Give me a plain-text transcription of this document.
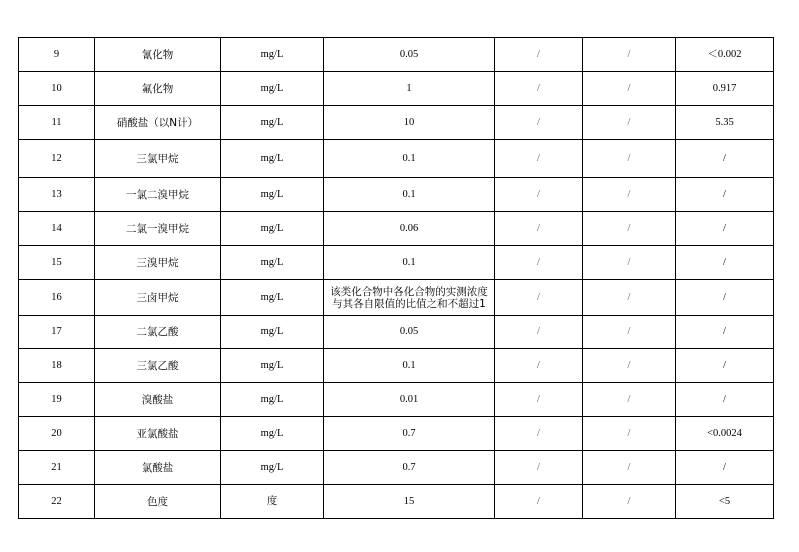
9	氰化物	mg/L	0.05	/	/	＜0.002
10	氟化物	mg/L	1	/	/	0.917
11	硝酸盐（以N计）	mg/L	10	/	/	5.35
12	三氯甲烷	mg/L	0.1	/	/	/
13	一氯二溴甲烷	mg/L	0.1	/	/	/
14	二氯一溴甲烷	mg/L	0.06	/	/	/
15	三溴甲烷	mg/L	0.1	/	/	/
16	三卤甲烷	mg/L	该类化合物中各化合物的实测浓度与其各自限值的比值之和不超过1	/	/	/
17	二氯乙酸	mg/L	0.05	/	/	/
18	三氯乙酸	mg/L	0.1	/	/	/
19	溴酸盐	mg/L	0.01	/	/	/
20	亚氯酸盐	mg/L	0.7	/	/	<0.0024
21	氯酸盐	mg/L	0.7	/	/	/
22	色度	度	15	/	/	<5
